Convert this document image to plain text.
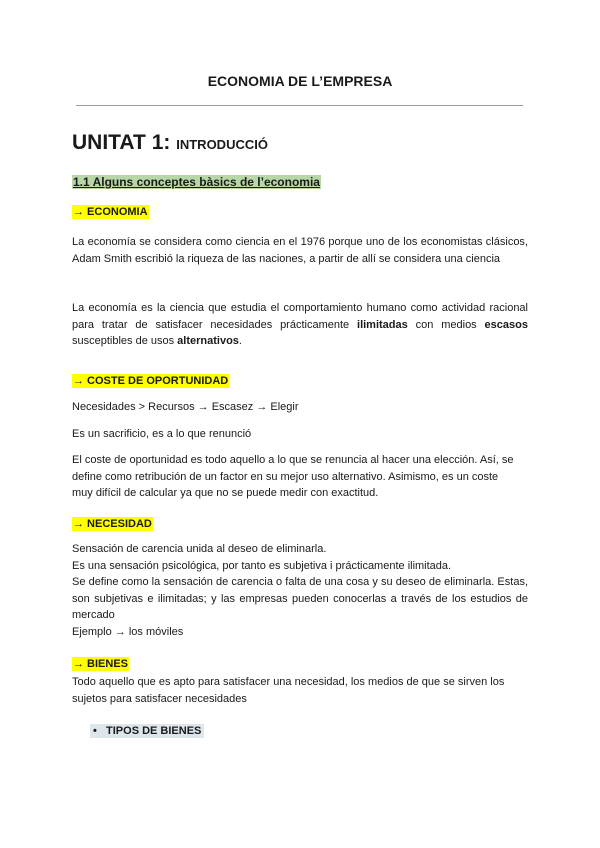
ECONOMIA DE L’EMPRESA
UNITAT 1: INTRODUCCIÓ
1.1 Alguns conceptes bàsics de l’economia
→ ECONOMIA
La economía se considera como ciencia en el 1976 porque uno de los economistas clásicos, Adam Smith escribió la riqueza de las naciones, a partir de allí se considera una ciencia
La economía es la ciencia que estudia el comportamiento humano como actividad racional para tratar de satisfacer necesidades prácticamente ilimitadas con medios escasos susceptibles de usos alternativos.
→ COSTE DE OPORTUNIDAD
Necesidades > Recursos → Escasez → Elegir
Es un sacrificio, es a lo que renunció
El coste de oportunidad es todo aquello a lo que se renuncia al hacer una elección. Así, se define como retribución de un factor en su mejor uso alternativo. Asimismo, es un coste muy difícil de calcular ya que no se puede medir con exactitud.
→ NECESIDAD
Sensación de carencia unida al deseo de eliminarla.
Es una sensación psicológica, por tanto es subjetiva i prácticamente ilimitada.
Se define como la sensación de carencia o falta de una cosa y su deseo de eliminarla. Estas, son subjetivas e ilimitadas; y las empresas pueden conocerlas a través de los estudios de mercado
Ejemplo → los móviles
→ BIENES
Todo aquello que es apto para satisfacer una necesidad, los medios de que se sirven los sujetos para satisfacer necesidades
•   TIPOS DE BIENES
